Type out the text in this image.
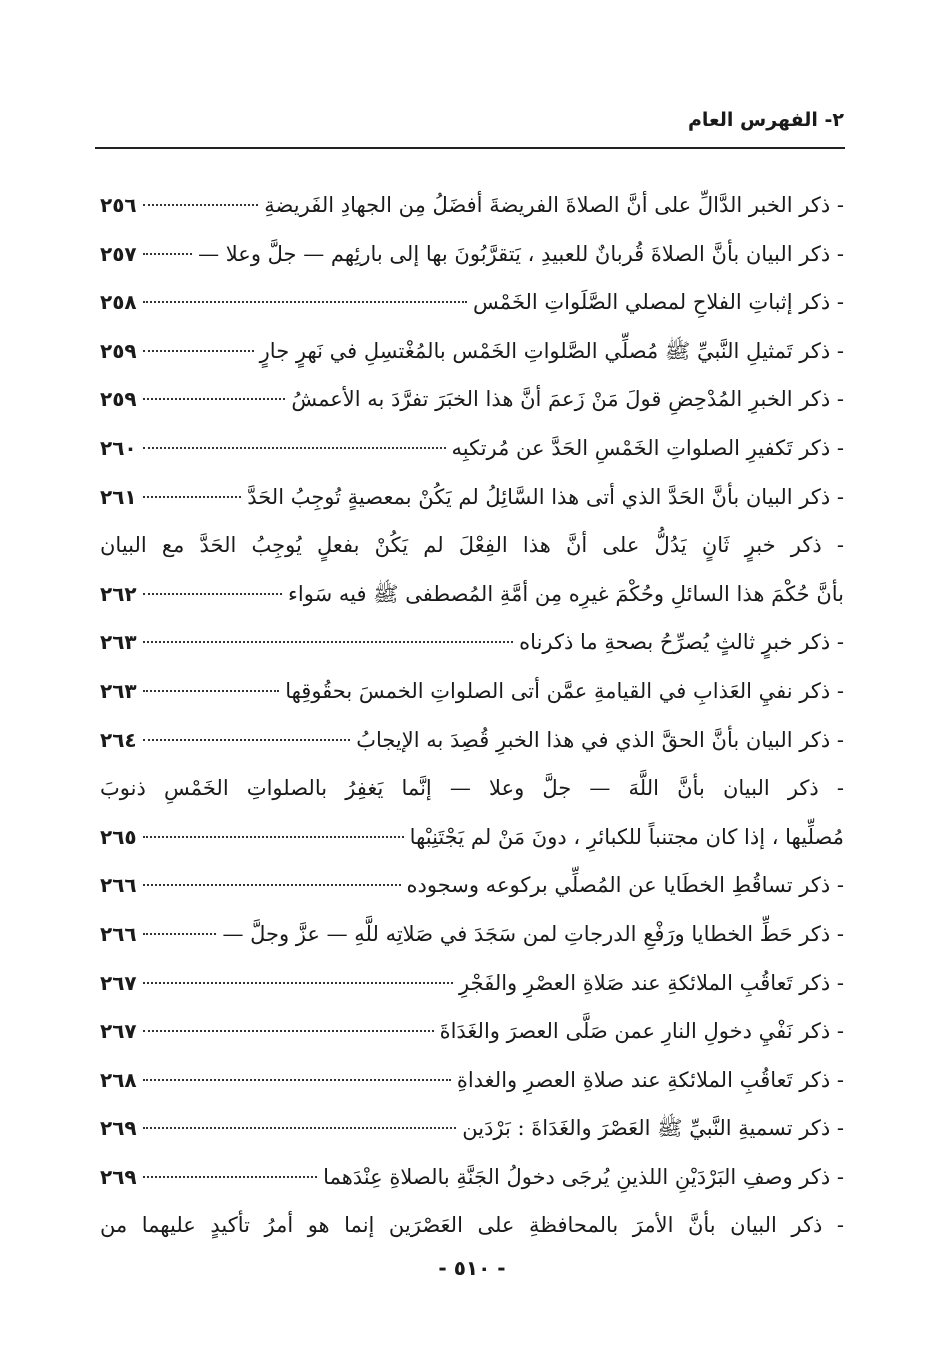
٢- الفهرس العام
- ذكر الخبر الدَّالِّ على أنَّ الصلاةَ الفريضةَ أفضَلُ مِن الجهادِ الفَريضةِ
٢٥٦
- ذكر البيان بأنَّ الصلاةَ قُربانٌ للعبيدِ ، يَتقرَّبُونَ بها إلى بارئِهم — جلَّ وعلا —
٢٥٧
- ذكر إثباتِ الفلاحِ لمصلي الصَّلَواتِ الخَمْس
٢٥٨
- ذكر تَمثيلِ النَّبيِّ ﷺ مُصلِّي الصَّلواتِ الخَمْس بالمُغْتسِلِ في نَهرٍ جارٍ
٢٥٩
- ذكر الخبرِ المُدْحِضِ قولَ مَنْ زَعمَ أنَّ هذا الخبَرَ تفرَّدَ به الأعمشُ
٢٥٩
- ذكر تَكفيرِ الصلواتِ الخَمْسِ الحَدَّ عن مُرتكبِه
٢٦٠
- ذكر البيان بأنَّ الحَدَّ الذي أتى هذا السَّائِلُ لم يَكُنْ بمعصيةٍ تُوجِبُ الحَدَّ
٢٦١
- ذكر خبرٍ ثَانٍ يَدُلُّ على أنَّ هذا الفِعْلَ لم يَكُنْ بفعلٍ يُوجِبُ الحَدَّ مع البيان
بأنَّ حُكْمَ هذا السائلِ وحُكْمَ غيرِه مِن أمَّةِ المُصطفى ﷺ فيه سَواء
٢٦٢
- ذكر خبرٍ ثالثٍ يُصرِّحُ بصحةِ ما ذكرناه
٢٦٣
- ذكر نفيِ العَذابِ في القيامةِ عمَّن أتى الصلواتِ الخمسَ بحقُوقِها
٢٦٣
- ذكر البيان بأنَّ الحقَّ الذي في هذا الخبرِ قُصِدَ به الإيجابُ
٢٦٤
- ذكر البيان بأنَّ اللَّهَ — جلَّ وعلا — إنَّما يَغفِرُ بالصلواتِ الخَمْسِ ذنوبَ
مُصلِّيها ، إذا كان مجتنباً للكبائرِ ، دونَ مَنْ لم يَجْتَنِبْها
٢٦٥
- ذكر تساقُطِ الخطَايا عن المُصلِّي بركوعه وسجوده
٢٦٦
- ذكر حَطِّ الخطايا ورَفْعِ الدرجاتِ لمن سَجَدَ في صَلاتِه للَّهِ — عزَّ وجلَّ —
٢٦٦
- ذكر تَعاقُبِ الملائكةِ عند صَلاةِ العصْرِ والفَجْرِ
٢٦٧
- ذكر نَفْيِ دخولِ النارِ عمن صَلَّى العصرَ والغَدَاةَ
٢٦٧
- ذكر تَعاقُبِ الملائكةِ عند صلاةِ العصرِ والغداةِ
٢٦٨
- ذكر تسميةِ النَّبيِّ ﷺ العَصْرَ والغَدَاةَ : بَرْدَين
٢٦٩
- ذكر وصفِ البَرْدَيْنِ اللذينِ يُرجَى دخولُ الجَنَّةِ بالصلاةِ عِنْدَهما
٢٦٩
- ذكر البيان بأنَّ الأمرَ بالمحافظةِ على العَصْرَين إنما هو أمرُ تأكيدٍ عليهما من
- ٥١٠ -
